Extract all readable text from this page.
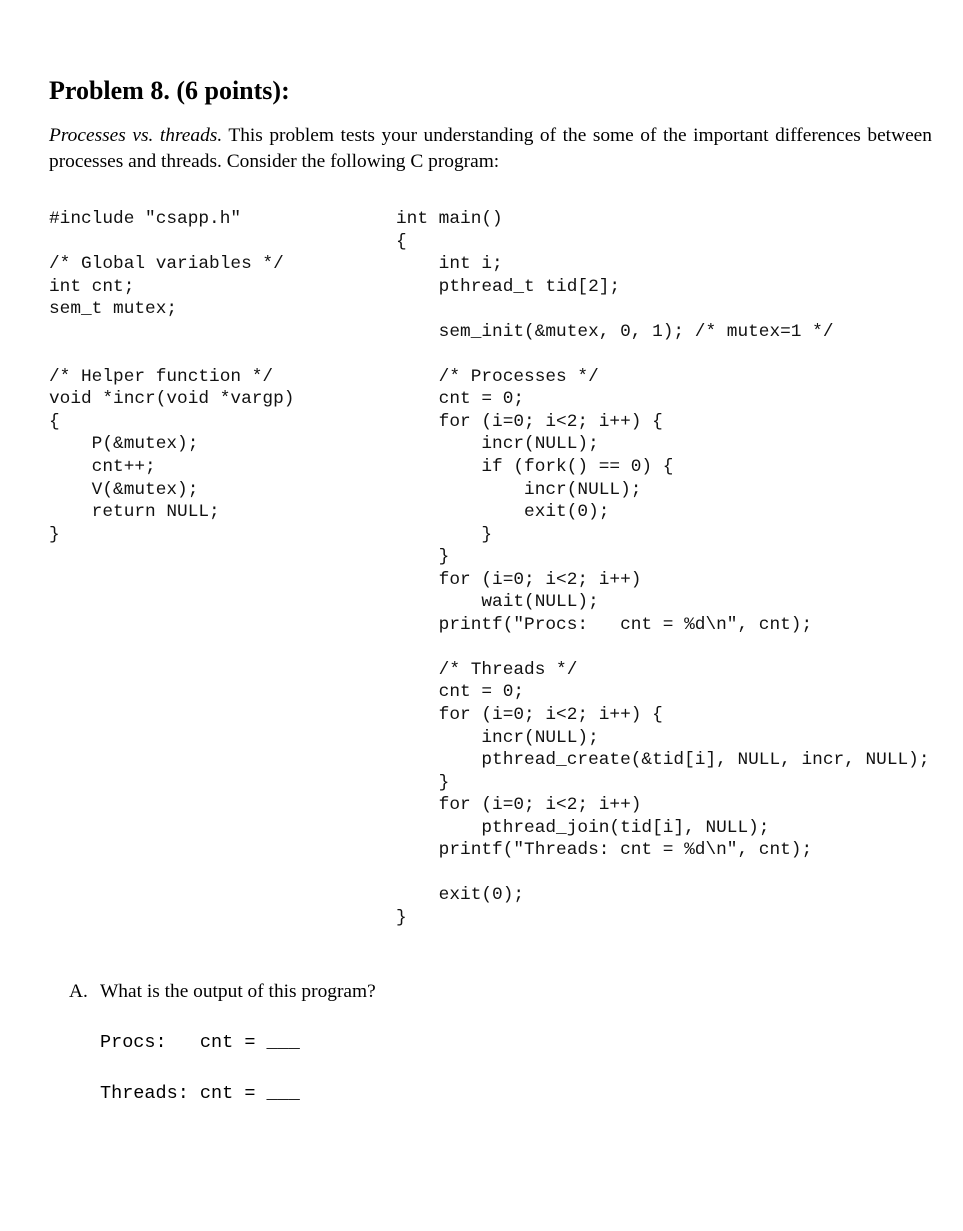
Problem 8. (6 points):

Processes vs. threads. This problem tests your understanding of the some of the important differences between processes and threads. Consider the following C program:

#include "csapp.h"

/* Global variables */
int cnt;
sem_t mutex;

/* Helper function */
void *incr(void *vargp)
{
P(&mutex);
cnt++;
V(&mutex);
return NULL;
}
int main()
{
int i;
pthread_t tid[2];

sem_init(&mutex, 0, 1); /* mutex=1 */

/* Processes */
cnt = 0;
for (i=0; i<2; i++) {
incr(NULL);
if (fork() == 0) {
incr(NULL);
exit(0);
}
}
for (i=0; i<2; i++)
wait(NULL);
printf("Procs:   cnt = %d\n", cnt);

/* Threads */
cnt = 0;
for (i=0; i<2; i++) {
incr(NULL);
pthread_create(&tid[i], NULL, incr, NULL);
}
for (i=0; i<2; i++)
pthread_join(tid[i], NULL);
printf("Threads: cnt = %d\n", cnt);

exit(0);
}

A. What is the output of this program?

Procs:   cnt = ___
Threads: cnt = ___
